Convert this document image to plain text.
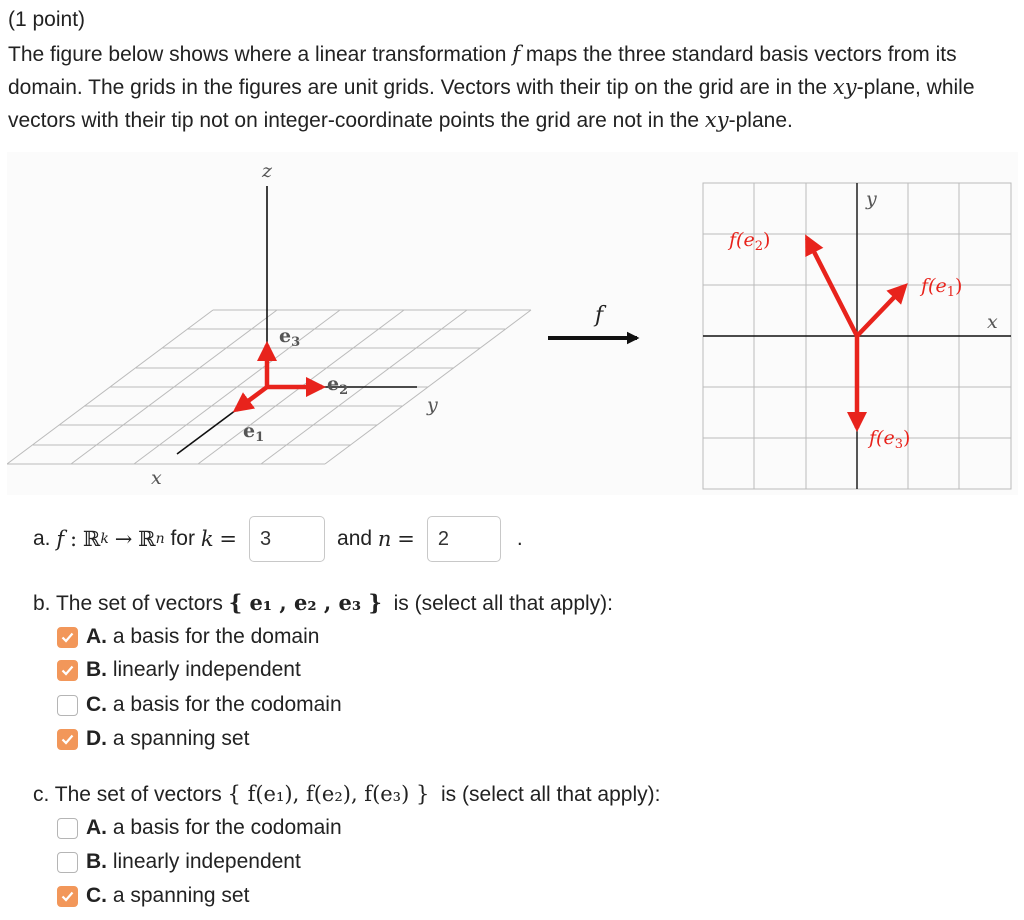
(1 point)
The figure below shows where a linear transformation f maps the three standard basis vectors from its domain. The grids in the figures are unit grids. Vectors with their tip on the grid are in the xy-plane, while vectors with their tip not on integer-coordinate points the grid are not in the xy-plane.
z
y
x
$e_3$
$e_2$
$e_1$
f
y
x
$f(e_2)$
$f(e_1)$
$f(e_3)$
a.
f
:
ℝ k
→
ℝ n
for
k
=	3	and
n
=	2	.
b. The set of vectors { e₁ , e₂ , e₃ } is (select all that apply):
A.
a basis for the domain
B.
linearly independent
C.
a basis for the codomain
D.
a spanning set
c. The set of vectors { f(e₁), f(e₂), f(e₃) } is (select all that apply):
A.
a basis for the codomain
B.
linearly independent
C.
a spanning set
